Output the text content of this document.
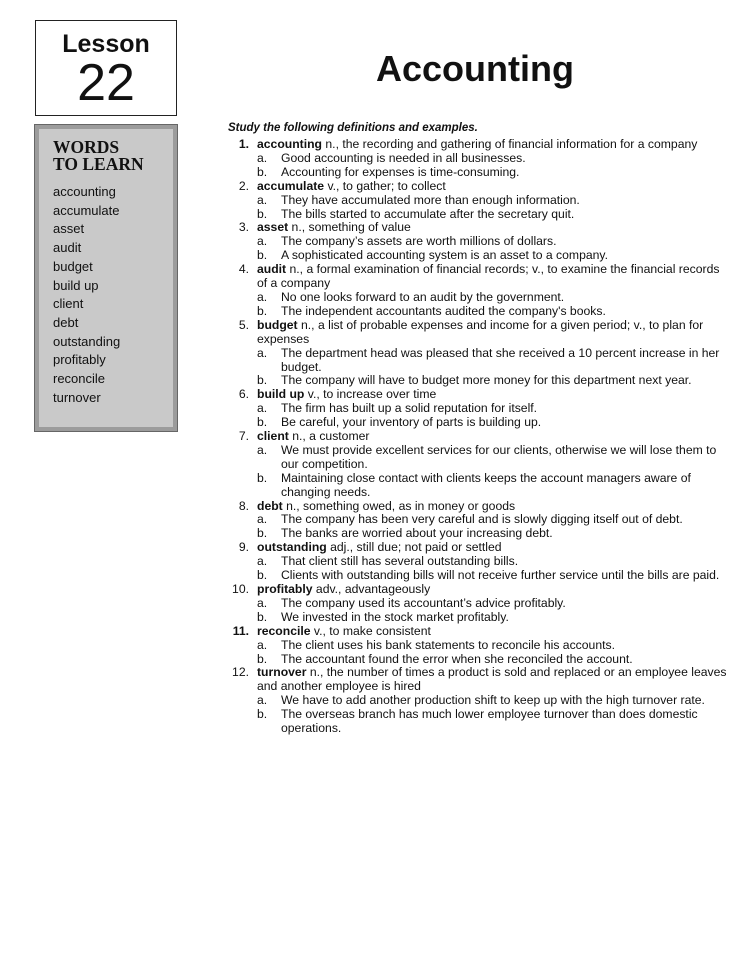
Lesson
22
WORDS TO LEARN
accounting
accumulate
asset
audit
budget
build up
client
debt
outstanding
profitably
reconcile
turnover
Accounting

Study the following definitions and examples.

1. accounting n., the recording and gathering of financial information for a company
a. Good accounting is needed in all businesses.
b. Accounting for expenses is time-consuming.
2. accumulate v., to gather; to collect
a. They have accumulated more than enough information.
b. The bills started to accumulate after the secretary quit.
3. asset n., something of value
a. The company’s assets are worth millions of dollars.
b. A sophisticated accounting system is an asset to a company.
4. audit n., a formal examination of financial records; v., to examine the financial records of a company
a. No one looks forward to an audit by the government.
b. The independent accountants audited the company's books.
5. budget n., a list of probable expenses and income for a given period; v., to plan for expenses
a. The department head was pleased that she received a 10 percent increase in her budget.
b. The company will have to budget more money for this department next year.
6. build up v., to increase over time
a. The firm has built up a solid reputation for itself.
b. Be careful, your inventory of parts is building up.
7. client n., a customer
a. We must provide excellent services for our clients, otherwise we will lose them to our competition.
b. Maintaining close contact with clients keeps the account managers aware of changing needs.
8. debt n., something owed, as in money or goods
a. The company has been very careful and is slowly digging itself out of debt.
b. The banks are worried about your increasing debt.
9. outstanding adj., still due; not paid or settled
a. That client still has several outstanding bills.
b. Clients with outstanding bills will not receive further service until the bills are paid.
10. profitably adv., advantageously
a. The company used its accountant’s advice profitably.
b. We invested in the stock market profitably.
11. reconcile v., to make consistent
a. The client uses his bank statements to reconcile his accounts.
b. The accountant found the error when she reconciled the account.
12. turnover n., the number of times a product is sold and replaced or an employee leaves and another employee is hired
a. We have to add another production shift to keep up with the high turnover rate.
b. The overseas branch has much lower employee turnover than does domestic operations.
